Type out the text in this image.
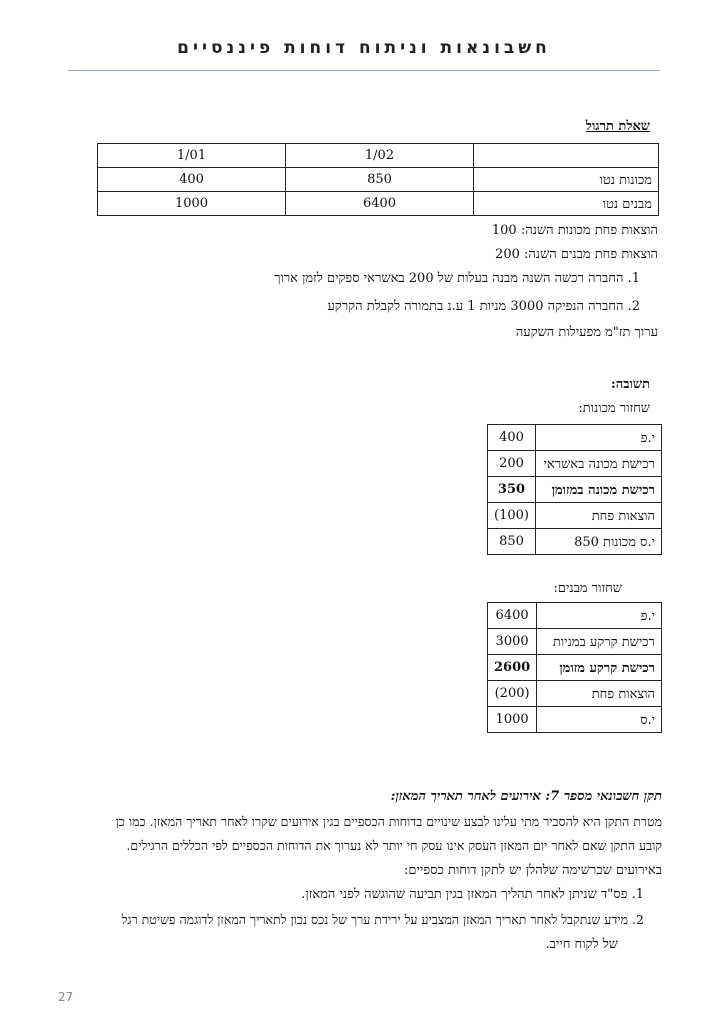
חשבונאות וניתוח דוחות פיננסיים
שאלת תרגול
	1/02	1/01
מכונות נטו	850	400
מבנים נטו	6400	1000
הוצאות פחת מכונות השנה: 100
הוצאות פחת מבנים השנה: 200
1. החברה רכשה השנה מבנה בעלות של 200 באשראי ספקים לזמן ארוך
2. החברה הנפיקה 3000 מניות 1 ע.נ בתמורה לקבלת הקרקע
ערוך תז"מ מפעילות השקעה
תשובה:
שחזור מכונות:
י.פ	400
רכישת מכונה באשראי	200
רכישת מכונה במזומן	350
הוצאות פחת	(100)
י.ס מכונות 850	850
שחזור מבנים:
י.פ	6400
רכישת קרקע במניות	3000
רכישת קרקע מזומן	2600
הוצאות פחת	(200)
י.ס	1000
תקן חשבונאי מספר 7: אירועים לאחר תאריך המאזן:
מטרת התקן היא להסביר מתי עלינו לבצע שינויים בדוחות הכספיים בגין אירועים שקרו לאחר תאריך המאזן. כמו כן
קובע התקן שאם לאחר יום המאזן העסק אינו עסק חי יותר לא נערוך את הדוחות הכספיים לפי הכללים הרגילים.
באירועים שברשימה שלהלן יש לתקן דוחות כספיים:
1. פס"ד שניתן לאחר תהליך המאזן בגין תביעה שהוגשה לפני המאזן.
2. מידע שנתקבל לאחר תאריך המאזן המצביע על ירידת ערך של נכס נכון לתאריך המאזן לדוגמה פשיטת רגל
של לקוח חייב.
27
